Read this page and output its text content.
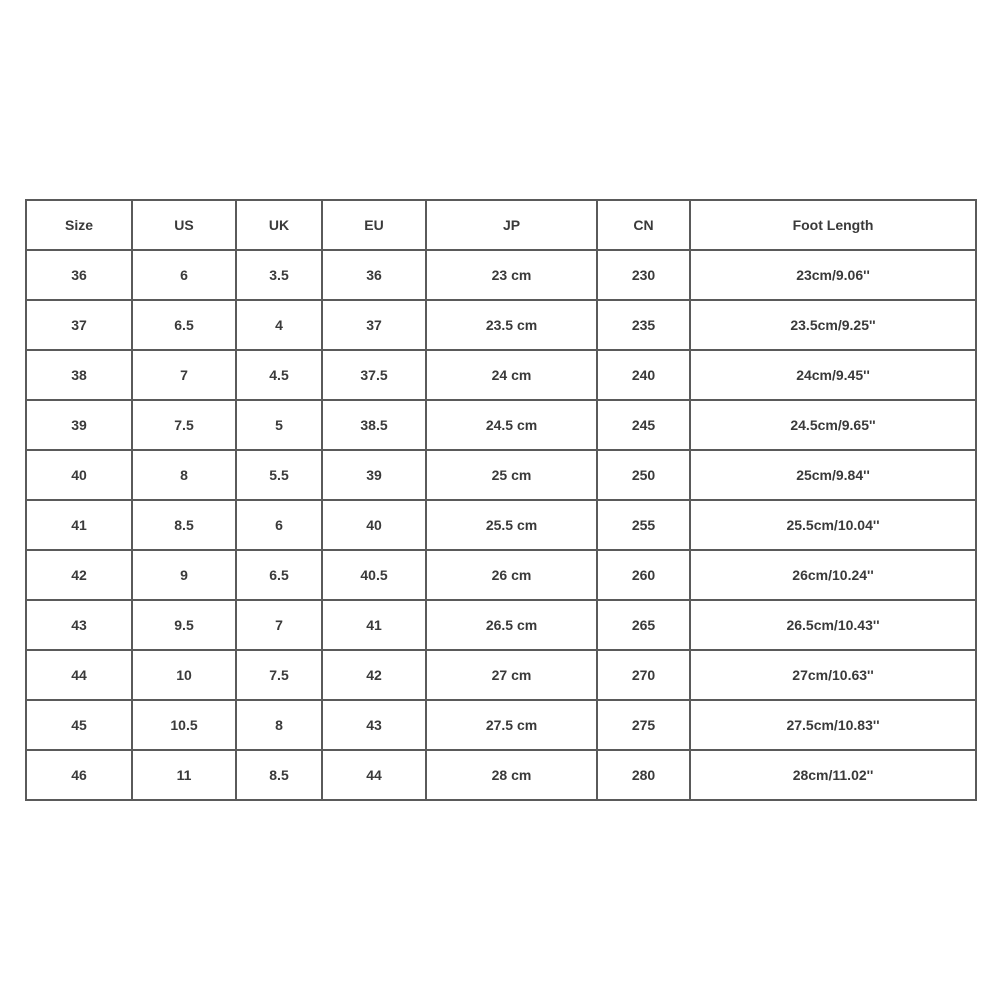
Size	US	UK	EU	JP	CN	Foot Length
36	6	3.5	36	23 cm	230	23cm/9.06''
37	6.5	4	37	23.5 cm	235	23.5cm/9.25''
38	7	4.5	37.5	24 cm	240	24cm/9.45''
39	7.5	5	38.5	24.5 cm	245	24.5cm/9.65''
40	8	5.5	39	25 cm	250	25cm/9.84''
41	8.5	6	40	25.5 cm	255	25.5cm/10.04''
42	9	6.5	40.5	26 cm	260	26cm/10.24''
43	9.5	7	41	26.5 cm	265	26.5cm/10.43''
44	10	7.5	42	27 cm	270	27cm/10.63''
45	10.5	8	43	27.5 cm	275	27.5cm/10.83''
46	11	8.5	44	28 cm	280	28cm/11.02''
